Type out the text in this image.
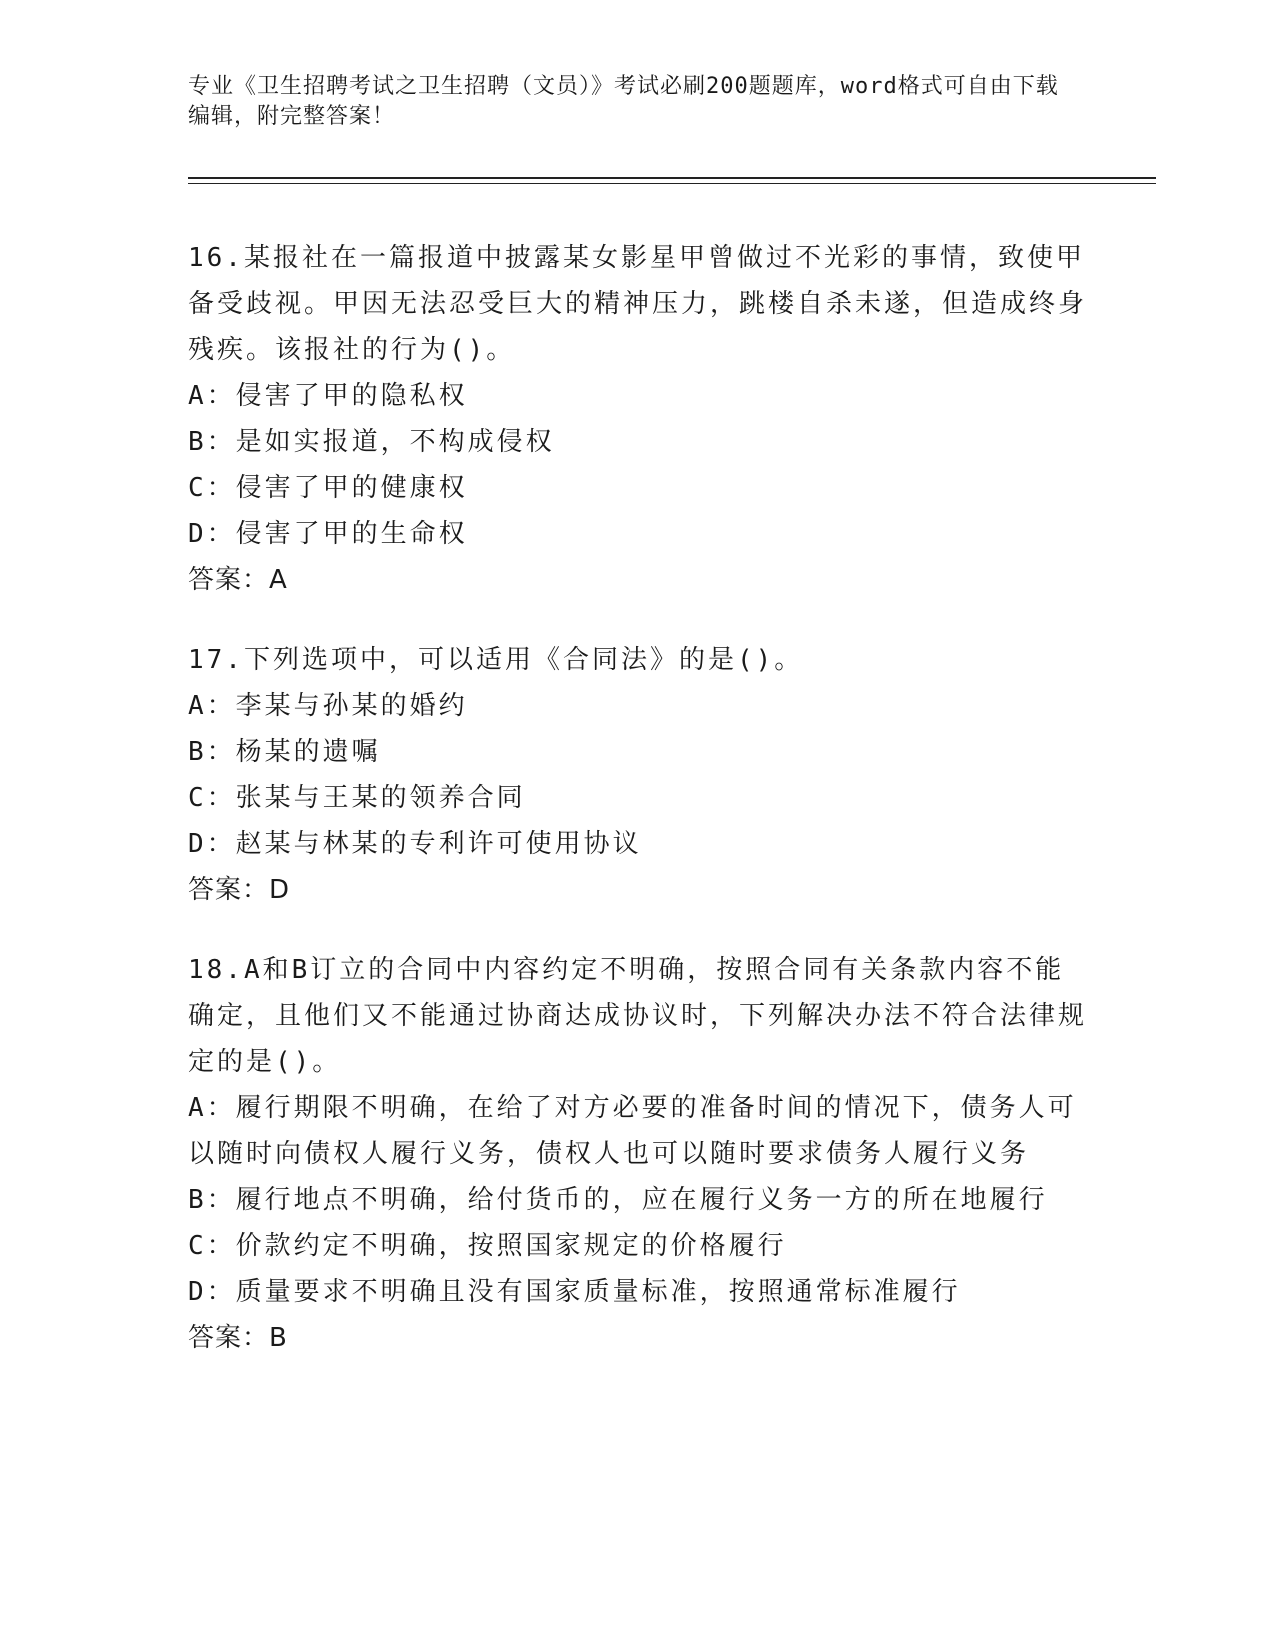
专业《卫生招聘考试之卫生招聘（文员）》考试必刷200题题库，word格式可自由下载编辑，附完整答案！

16.某报社在一篇报道中披露某女影星甲曾做过不光彩的事情，致使甲备受歧视。甲因无法忍受巨大的精神压力，跳楼自杀未遂，但造成终身残疾。该报社的行为()。

A：侵害了甲的隐私权

B：是如实报道，不构成侵权

C：侵害了甲的健康权

D：侵害了甲的生命权

答案：A

17.下列选项中，可以适用《合同法》的是()。

A：李某与孙某的婚约

B：杨某的遗嘱

C：张某与王某的领养合同

D：赵某与林某的专利许可使用协议

答案：D

18.A和B订立的合同中内容约定不明确，按照合同有关条款内容不能确定，且他们又不能通过协商达成协议时，下列解决办法不符合法律规定的是()。

A：履行期限不明确，在给了对方必要的准备时间的情况下，债务人可以随时向债权人履行义务，债权人也可以随时要求债务人履行义务

B：履行地点不明确，给付货币的，应在履行义务一方的所在地履行

C：价款约定不明确，按照国家规定的价格履行

D：质量要求不明确且没有国家质量标准，按照通常标准履行

答案：B
